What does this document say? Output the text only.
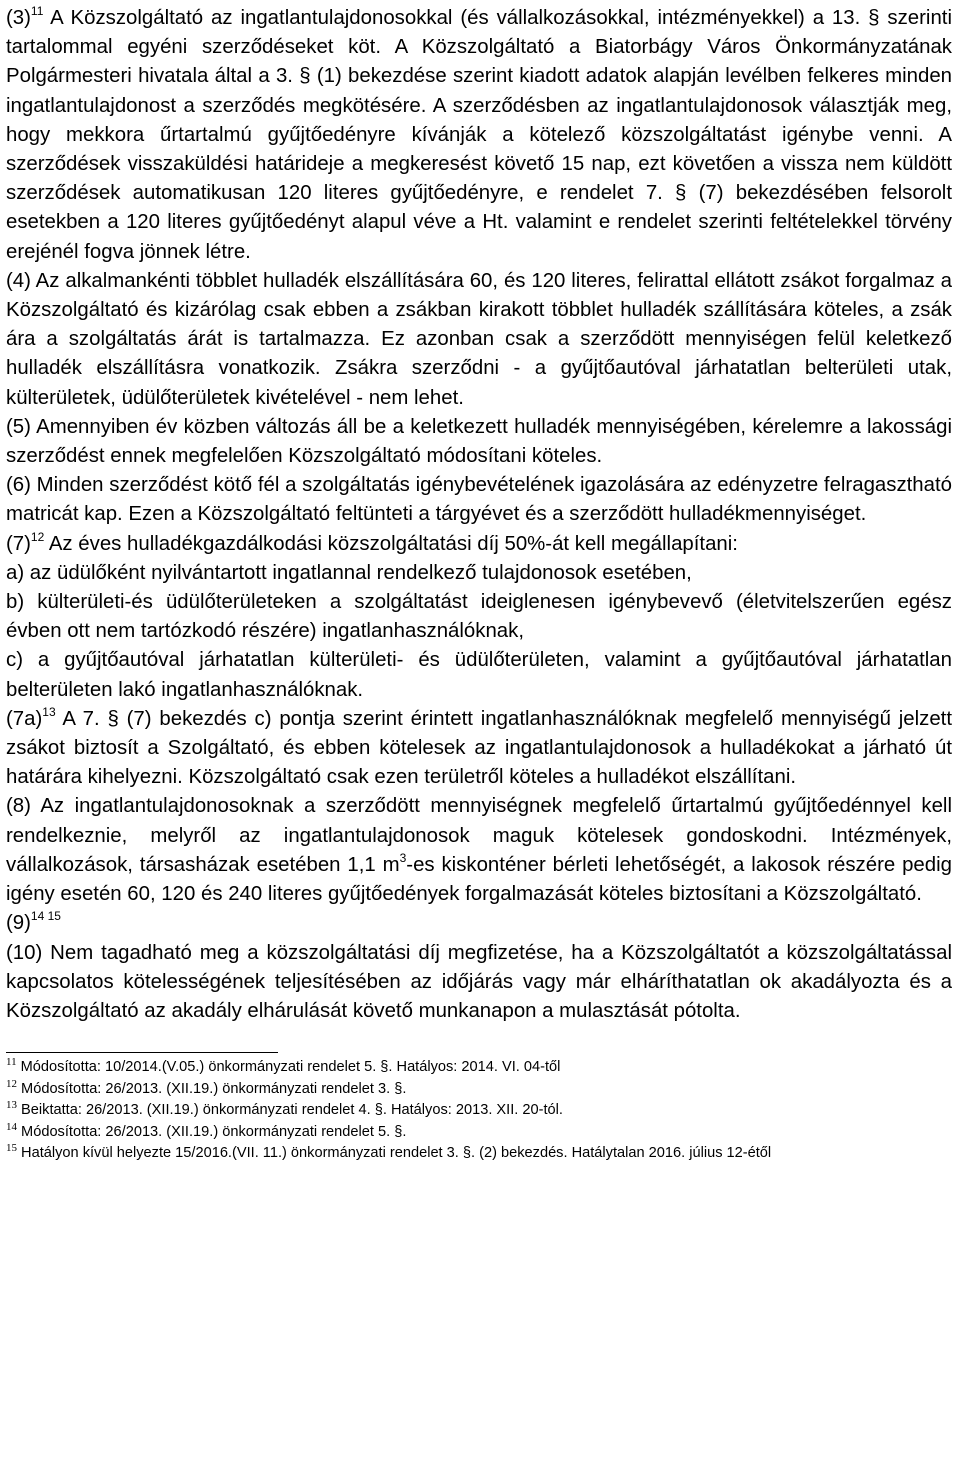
$(3)^{11}$ A Közszolgáltató az ingatlantulajdonosokkal (és vállalkozásokkal, intézményekkel) a 13. § szerinti tartalommal egyéni szerződéseket köt. A Közszolgáltató a Biatorbágy Város Önkormányzatának Polgármesteri hivatala által a 3. § (1) bekezdése szerint kiadott adatok alapján levélben felkeres minden ingatlantulajdonost a szerződés megkötésére. A szerződésben az ingatlantulajdonosok választják meg, hogy mekkora űrtartalmú gyűjtőedényre kívánják a kötelező közszolgáltatást igénybe venni. A szerződések visszaküldési határideje a megkeresést követő 15 nap, ezt követően a vissza nem küldött szerződések automatikusan 120 literes gyűjtőedényre, e rendelet 7. § (7) bekezdésében felsorolt esetekben a 120 literes gyűjtőedényt alapul véve a Ht. valamint e rendelet szerinti feltételekkel törvény erejénél fogva jönnek létre.

(4) Az alkalmankénti többlet hulladék elszállítására 60, és 120 literes, felirattal ellátott zsákot forgalmaz a Közszolgáltató és kizárólag csak ebben a zsákban kirakott többlet hulladék szállítására köteles, a zsák ára a szolgáltatás árát is tartalmazza. Ez azonban csak a szerződött mennyiségen felül keletkező hulladék elszállításra vonatkozik. Zsákra szerződni - a gyűjtőautóval járhatatlan belterületi utak, külterületek, üdülőterületek kivételével - nem lehet.

(5) Amennyiben év közben változás áll be a keletkezett hulladék mennyiségében, kérelemre a lakossági szerződést ennek megfelelően Közszolgáltató módosítani köteles.

(6) Minden szerződést kötő fél a szolgáltatás igénybevételének igazolására az edényzetre felragasztható matricát kap. Ezen a Közszolgáltató feltünteti a tárgyévet és a szerződött hulladékmennyiséget.

$(7)^{12}$ Az éves hulladékgazdálkodási közszolgáltatási díj 50%-át kell megállapítani:

a) az üdülőként nyilvántartott ingatlannal rendelkező tulajdonosok esetében,

b) külterületi-és üdülőterületeken a szolgáltatást ideiglenesen igénybevevő (életvitelszerűen egész évben ott nem tartózkodó részére) ingatlanhasználóknak,

c) a gyűjtőautóval járhatatlan külterületi- és üdülőterületen, valamint a gyűjtőautóval járhatatlan belterületen lakó ingatlanhasználóknak.

$(7a)^{13}$ A 7. § (7) bekezdés c) pontja szerint érintett ingatlanhasználóknak megfelelő mennyiségű jelzett zsákot biztosít a Szolgáltató, és ebben kötelesek az ingatlantulajdonosok a hulladékokat a járható út határára kihelyezni. Közszolgáltató csak ezen területről köteles a hulladékot elszállítani.

(8) Az ingatlantulajdonosoknak a szerződött mennyiségnek megfelelő űrtartalmú gyűjtőedénnyel kell rendelkeznie, melyről az ingatlantulajdonosok maguk kötelesek gondoskodni. Intézmények, vállalkozások, társasházak esetében 1,1 $m^3-es$ kiskonténer bérleti lehetőségét, a lakosok részére pedig igény esetén 60, 120 és 240 literes gyűjtőedények forgalmazását köteles biztosítani a Közszolgáltató.

$(9)^{14 15}$

(10) Nem tagadható meg a közszolgáltatási díj megfizetése, ha a Közszolgáltatót a közszolgáltatással kapcsolatos kötelességének teljesítésében az időjárás vagy már elháríthatatlan ok akadályozta és a Közszolgáltató az akadály elhárulását követő munkanapon a mulasztását pótolta.

$^{11}$ Módosította: 10/2014.(V.05.) önkormányzati rendelet 5. §. Hatályos: 2014. VI. 04-től

$^{12}$ Módosította: 26/2013. (XII.19.) önkormányzati rendelet 3. §.

$^{13}$ Beiktatta: 26/2013. (XII.19.) önkormányzati rendelet 4. §. Hatályos: 2013. XII. 20-tól.

$^{14}$ Módosította: 26/2013. (XII.19.) önkormányzati rendelet 5. §.

$^{15}$ Hatályon kívül helyezte 15/2016.(VII. 11.) önkormányzati rendelet 3. §. (2) bekezdés. Hatálytalan 2016. július 12-étől
